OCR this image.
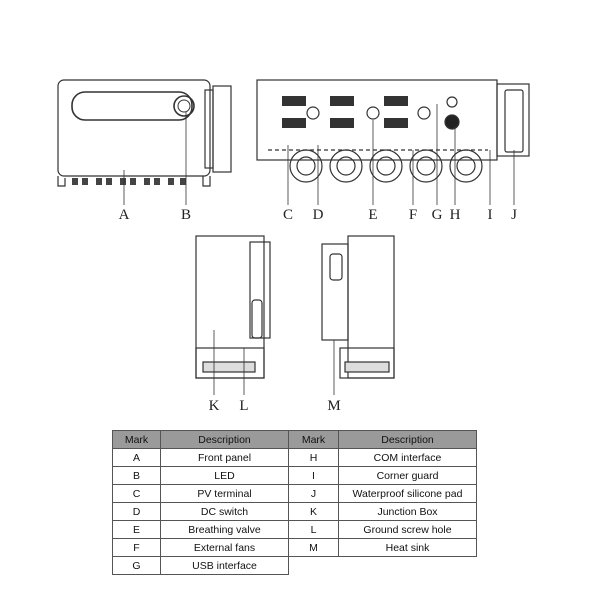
A	B	C D	E F G H I J
K L	M
Mark	Description	Mark	Description
A	Front panel	H	COM interface
B	LED	I	Corner guard
C	PV terminal	J	Waterproof silicone pad
D	DC switch	K	Junction Box
E	Breathing valve	L	Ground screw hole
F	External fans	M	Heat sink
G	USB interface		
